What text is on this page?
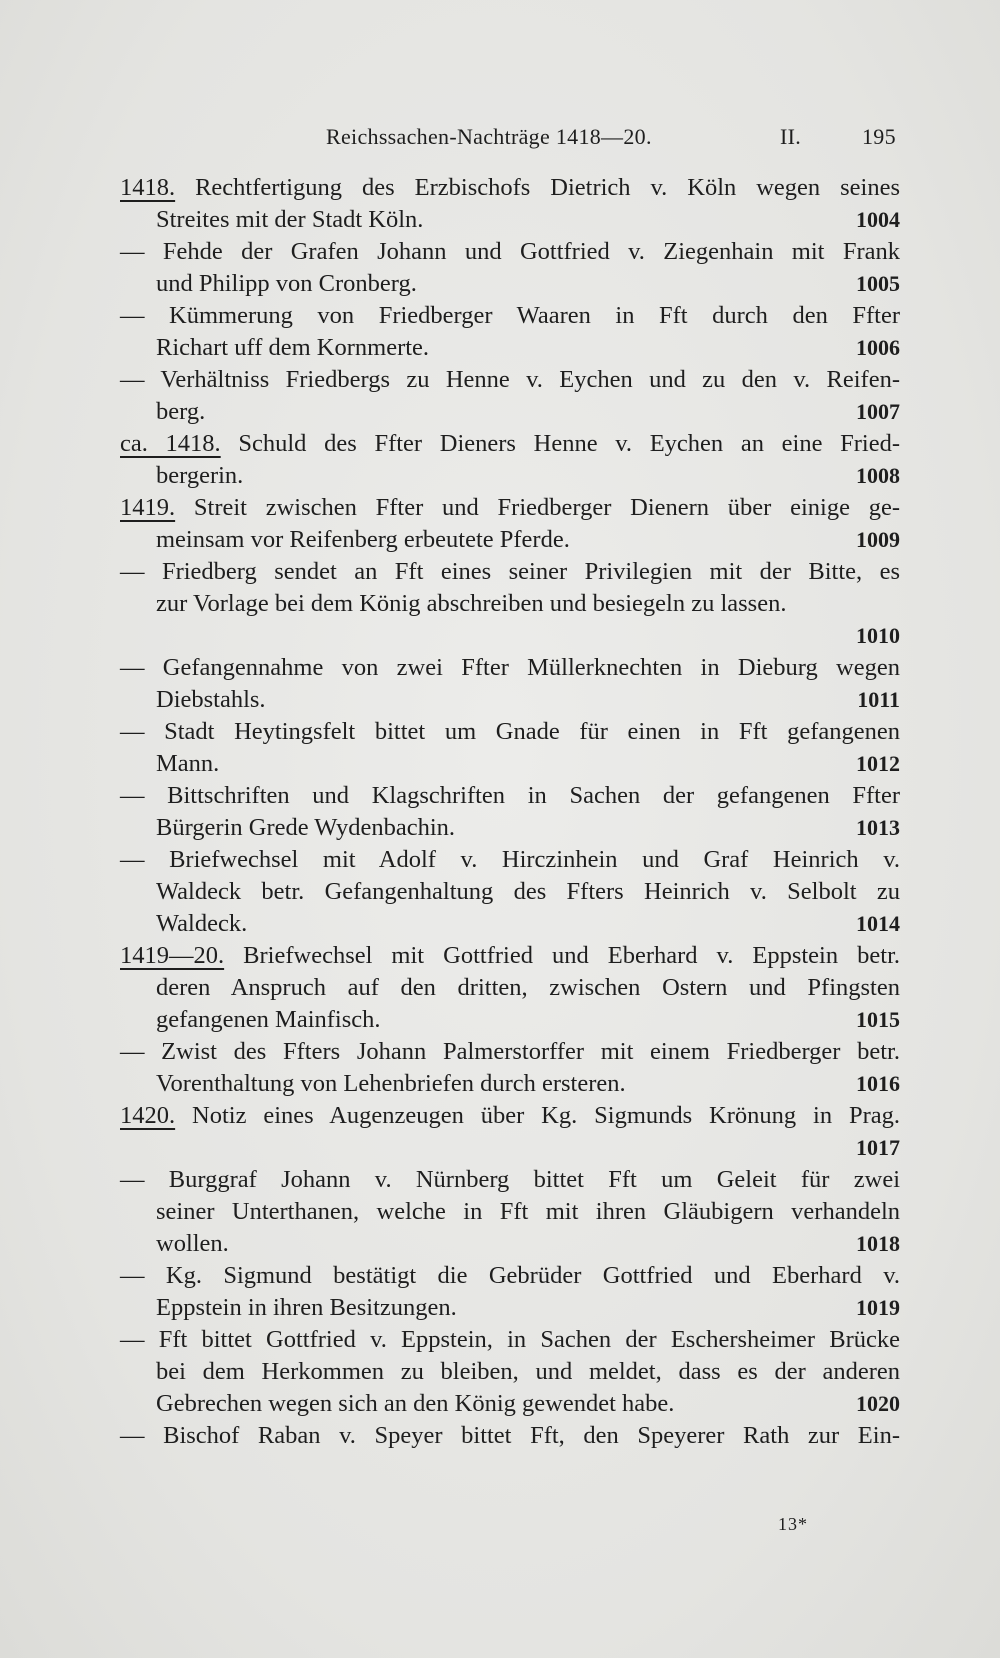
Reichssachen-Nachträge 1418—20.	II.	195
1418. Rechtfertigung des Erzbischofs Dietrich v. Köln wegen seines
Streites mit der Stadt Köln.	1004
— Fehde der Grafen Johann und Gottfried v. Ziegenhain mit Frank
und Philipp von Cronberg.	1005
— Kümmerung von Friedberger Waaren in Fft durch den Ffter
Richart uff dem Kornmerte.	1006
— Verhältniss Friedbergs zu Henne v. Eychen und zu den v. Reifen-
berg.	1007
ca. 1418. Schuld des Ffter Dieners Henne v. Eychen an eine Fried-
bergerin.	1008
1419. Streit zwischen Ffter und Friedberger Dienern über einige ge-
meinsam vor Reifenberg erbeutete Pferde.	1009
— Friedberg sendet an Fft eines seiner Privilegien mit der Bitte, es
zur Vorlage bei dem König abschreiben und besiegeln zu lassen.
1010
— Gefangennahme von zwei Ffter Müllerknechten in Dieburg wegen
Diebstahls.	1011
— Stadt Heytingsfelt bittet um Gnade für einen in Fft gefangenen
Mann.	1012
— Bittschriften und Klagschriften in Sachen der gefangenen Ffter
Bürgerin Grede Wydenbachin.	1013
— Briefwechsel mit Adolf v. Hirczinhein und Graf Heinrich v.
Waldeck betr. Gefangenhaltung des Ffters Heinrich v. Selbolt zu
Waldeck.	1014
1419—20. Briefwechsel mit Gottfried und Eberhard v. Eppstein betr.
deren Anspruch auf den dritten, zwischen Ostern und Pfingsten
gefangenen Mainfisch.	1015
— Zwist des Ffters Johann Palmerstorffer mit einem Friedberger betr.
Vorenthaltung von Lehenbriefen durch ersteren.	1016
1420. Notiz eines Augenzeugen über Kg. Sigmunds Krönung in Prag.
1017
— Burggraf Johann v. Nürnberg bittet Fft um Geleit für zwei
seiner Unterthanen, welche in Fft mit ihren Gläubigern verhandeln
wollen.	1018
— Kg. Sigmund bestätigt die Gebrüder Gottfried und Eberhard v.
Eppstein in ihren Besitzungen.	1019
— Fft bittet Gottfried v. Eppstein, in Sachen der Eschersheimer Brücke
bei dem Herkommen zu bleiben, und meldet, dass es der anderen
Gebrechen wegen sich an den König gewendet habe.	1020
— Bischof Raban v. Speyer bittet Fft, den Speyerer Rath zur Ein-
13*
